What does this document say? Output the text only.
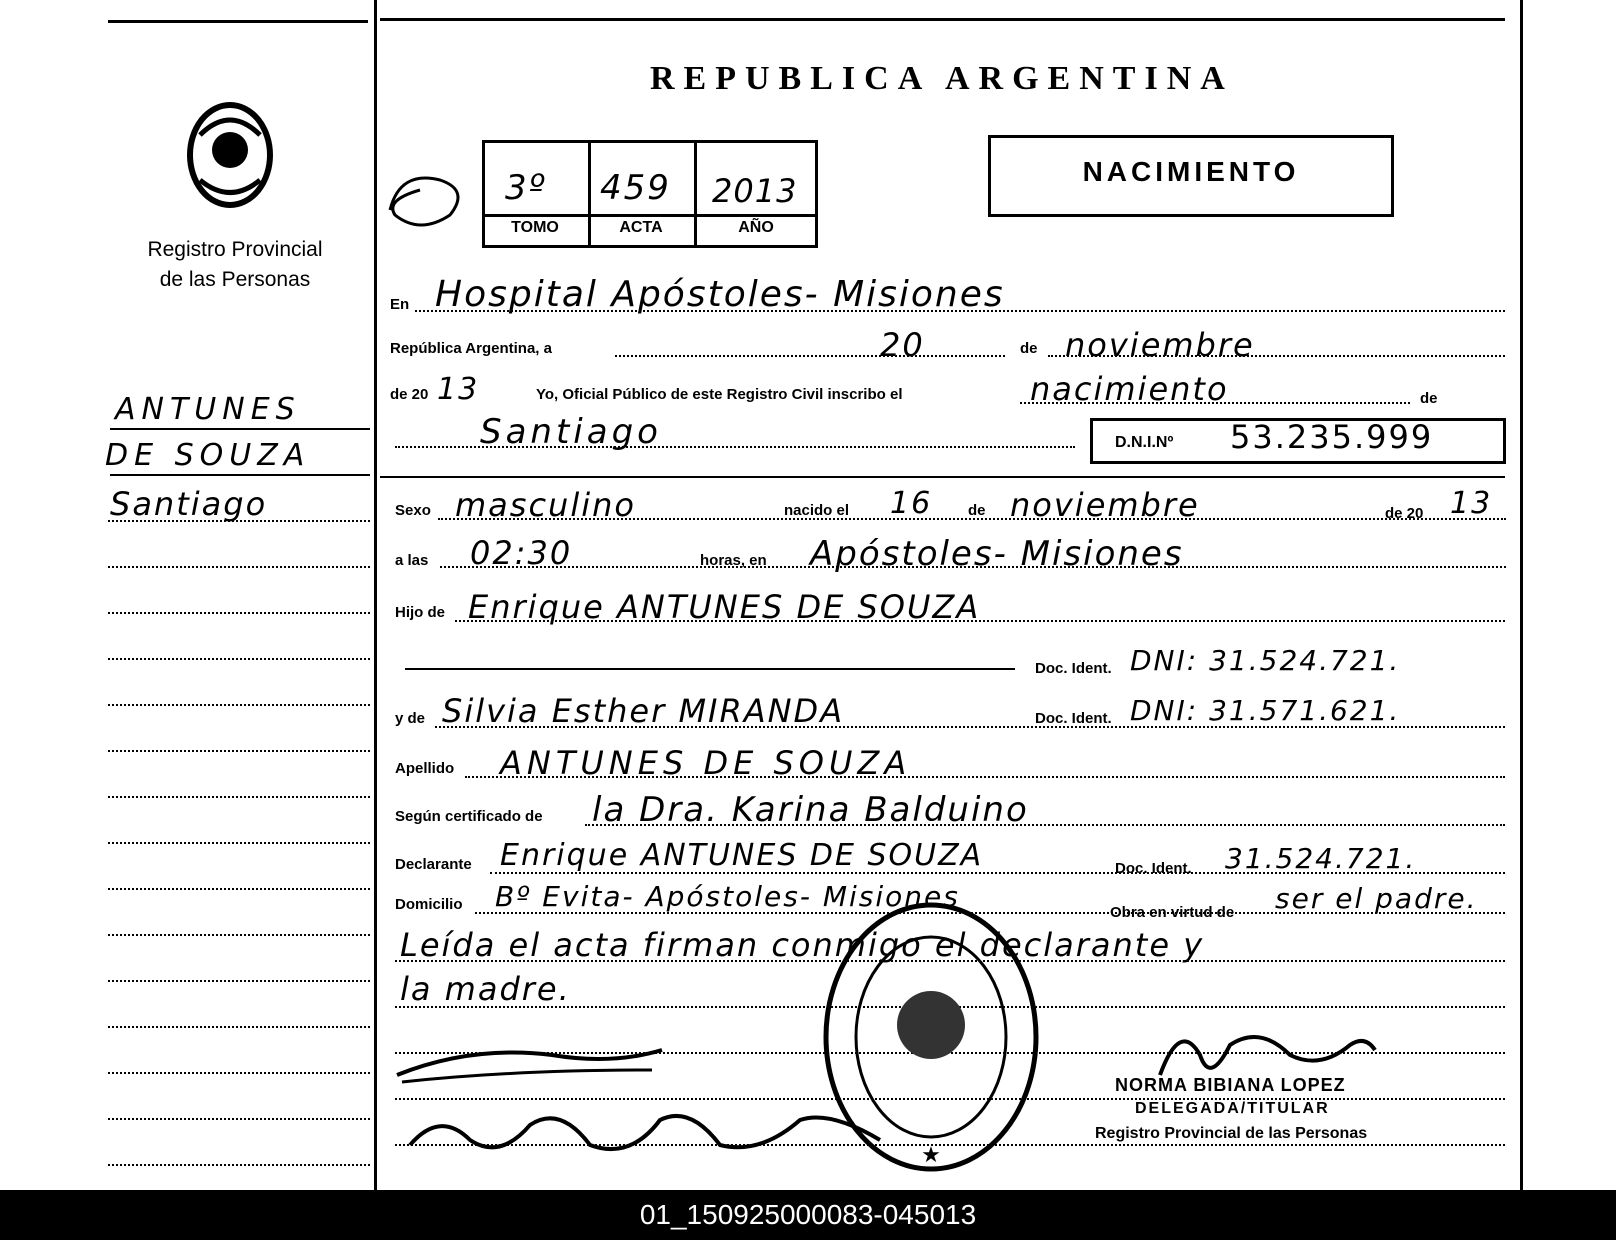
Registro Provincial
de las Personas
ANTUNES
DE SOUZA
Santiago
REPUBLICA ARGENTINA
3º 459 2013
TOMO	ACTA	AÑO
NACIMIENTO
En Hospital Apóstoles- Misiones
República Argentina, a	20	de noviembre
de 20 13	Yo, Oficial Público de este Registro Civil inscribo el	nacimiento	de
Santiago	D.N.I.Nº 53.235.999
Sexo masculino	nacido el 16 de noviembre	de 20 13
a las 02:30	horas, en Apóstoles- Misiones
Hijo de Enrique ANTUNES DE SOUZA
Doc. Ident. DNI: 31.524.721.
y de Silvia Esther MIRANDA	Doc. Ident. DNI: 31.571.621.
Apellido ANTUNES DE SOUZA
Según certificado de la Dra. Karina Balduino
Declarante Enrique ANTUNES DE SOUZA	Doc. Ident. 31.524.721.
Domicilio Bº Evita- Apóstoles- Misiones	Obra en virtud de ser el padre.
Leída el acta firman conmigo el declarante y
la madre.
★
NORMA BIBIANA LOPEZ
DELEGADA/TITULAR
Registro Provincial de las Personas
01_150925000083-045013
